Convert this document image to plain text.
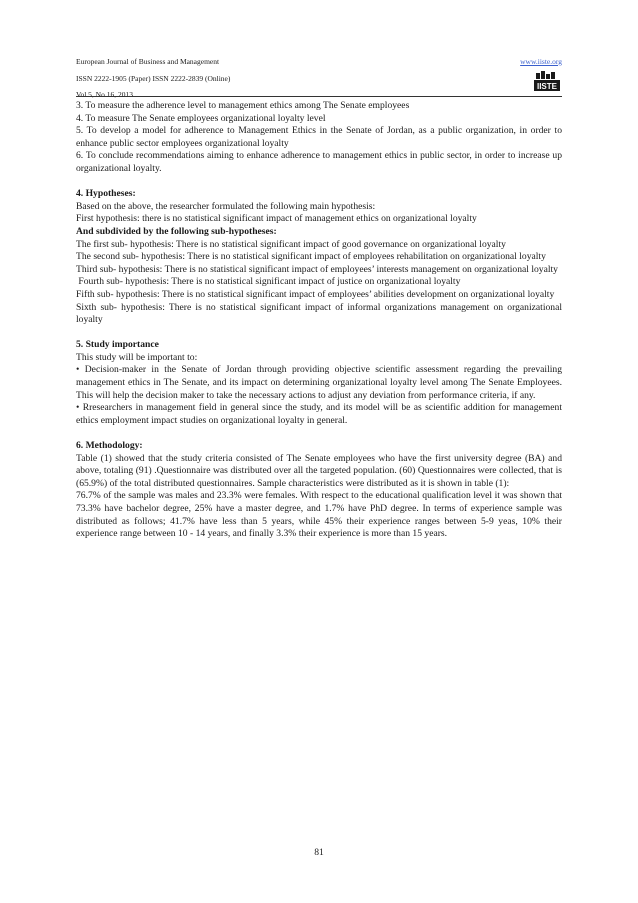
European Journal of Business and Management
ISSN 2222-1905 (Paper) ISSN 2222-2839 (Online)
Vol.5, No.16, 2013
www.iiste.org
IISTE

3. To measure the adherence level to management ethics among The Senate employees

4. To measure The Senate employees organizational loyalty level

5. To develop a model for adherence to Management Ethics in the Senate of Jordan, as a public organization, in order to enhance public sector employees organizational loyalty

6. To conclude recommendations aiming to enhance adherence to management ethics in public sector, in order to increase up organizational loyalty.

4. Hypotheses:

Based on the above, the researcher formulated the following main hypothesis:

First hypothesis: there is no statistical significant impact of management ethics on organizational loyalty

And subdivided by the following sub-hypotheses:

The first sub- hypothesis: There is no statistical significant impact of good governance on organizational loyalty

The second sub- hypothesis: There is no statistical significant impact of employees rehabilitation on organizational loyalty

Third sub- hypothesis: There is no statistical significant impact of employees’ interests management on organizational loyalty

Fourth sub- hypothesis: There is no statistical significant impact of justice on organizational loyalty

Fifth sub- hypothesis: There is no statistical significant impact of employees’ abilities development on organizational loyalty

Sixth sub- hypothesis: There is no statistical significant impact of informal organizations management on organizational loyalty

5. Study importance

This study will be important to:

• Decision-maker in the Senate of Jordan through providing objective scientific assessment regarding the prevailing management ethics in The Senate, and its impact on determining organizational loyalty level among The Senate Employees. This will help the decision maker to take the necessary actions to adjust any deviation from performance criteria, if any.

• Rresearchers in management field in general since the study, and its model will be as scientific addition for management ethics employment impact studies on organizational loyalty in general.

6. Methodology:

Table (1) showed that the study criteria consisted of The Senate employees who have the first university degree (BA) and above, totaling (91) .Questionnaire was distributed over all the targeted population. (60) Questionnaires were collected, that is (65.9%) of the total distributed questionnaires. Sample characteristics were distributed as it is shown in table (1):

76.7% of the sample was males and 23.3% were females. With respect to the educational qualification level it was shown that 73.3% have bachelor degree, 25% have a master degree, and 1.7% have PhD degree. In terms of experience sample was distributed as follows; 41.7% have less than 5 years, while 45% their experience ranges between 5-9 yeas, 10% their experience range between 10 - 14 years, and finally 3.3% their experience is more than 15 years.

81
